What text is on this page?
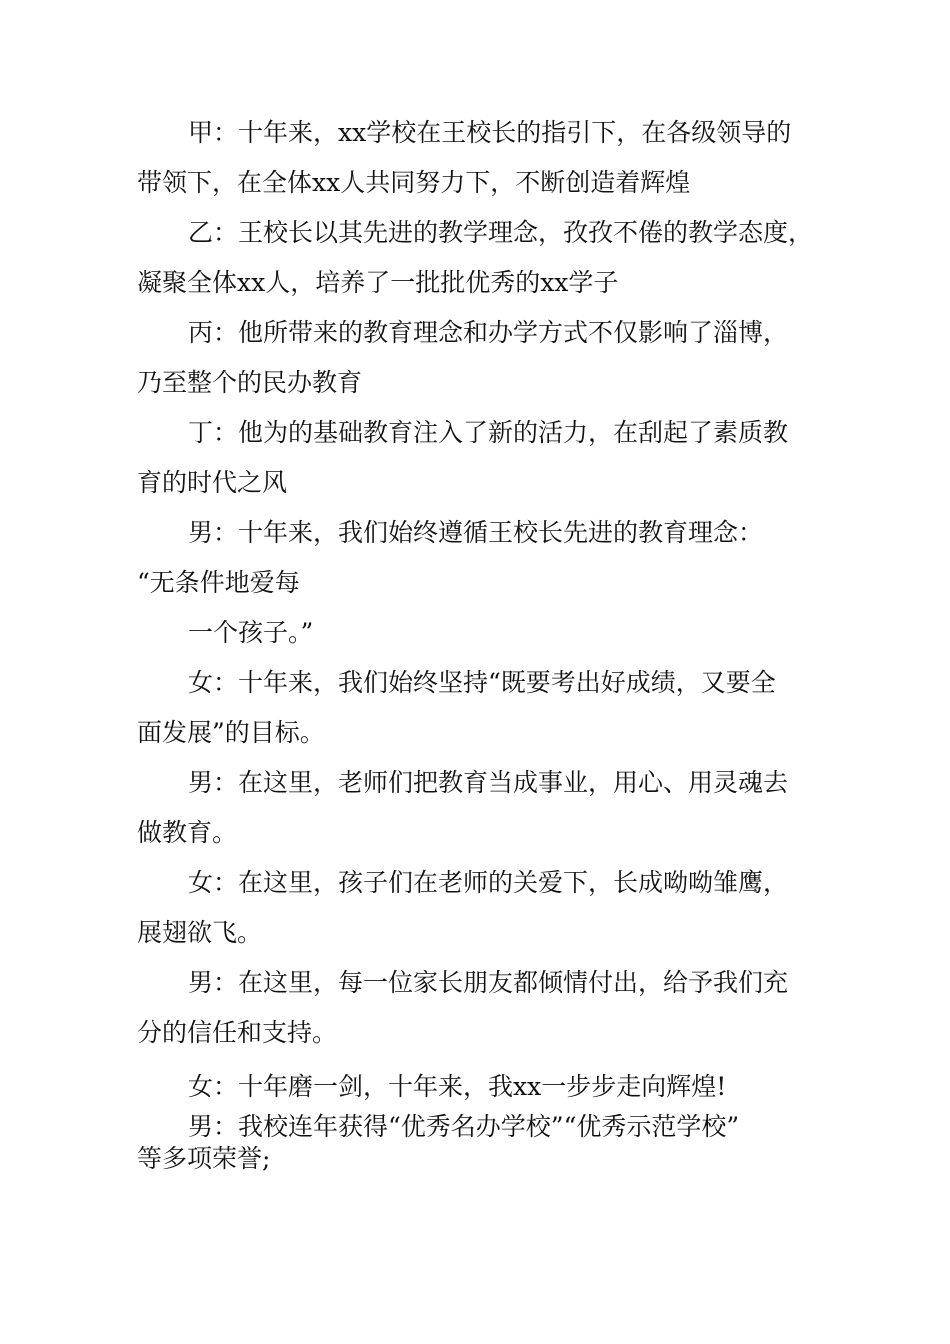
甲：十年来，xx学校在王校长的指引下，在各级领导的
带领下，在全体xx人共同努力下，不断创造着辉煌
乙：王校长以其先进的教学理念，孜孜不倦的教学态度，
凝聚全体xx人，培养了一批批优秀的xx学子
丙：他所带来的教育理念和办学方式不仅影响了淄博，
乃至整个的民办教育
丁：他为的基础教育注入了新的活力，在刮起了素质教
育的时代之风
男：十年来，我们始终遵循王校长先进的教育理念：
“无条件地爱每
一个孩子。”
女：十年来，我们始终坚持“既要考出好成绩，又要全
面发展”的目标。
男：在这里，老师们把教育当成事业，用心、用灵魂去
做教育。
女：在这里，孩子们在老师的关爱下，长成呦呦雏鹰，
展翅欲飞。
男：在这里，每一位家长朋友都倾情付出，给予我们充
分的信任和支持。
女：十年磨一剑，十年来，我xx一步步走向辉煌!
男：我校连年获得“优秀名办学校”“优秀示范学校”
等多项荣誉;
